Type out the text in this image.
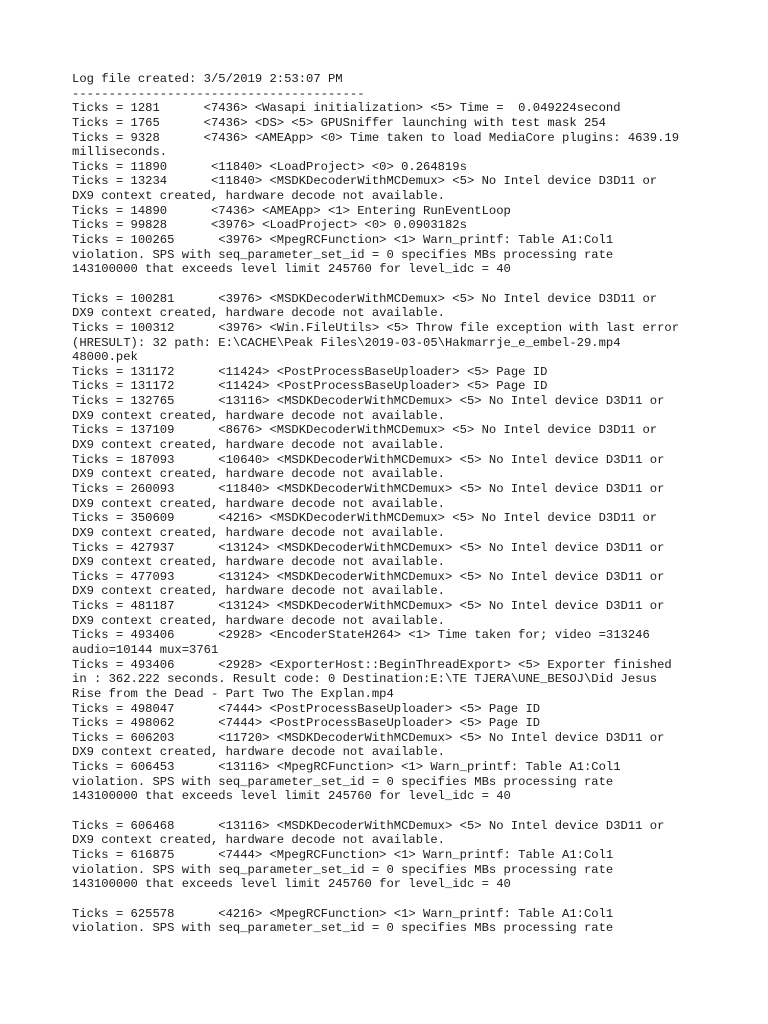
Log file created: 3/5/2019 2:53:07 PM
----------------------------------------
Ticks = 1281      <7436> <Wasapi initialization> <5> Time =  0.049224second
Ticks = 1765      <7436> <DS> <5> GPUSniffer launching with test mask 254
Ticks = 9328      <7436> <AMEApp> <0> Time taken to load MediaCore plugins: 4639.19
milliseconds.
Ticks = 11890      <11840> <LoadProject> <0> 0.264819s
Ticks = 13234      <11840> <MSDKDecoderWithMCDemux> <5> No Intel device D3D11 or
DX9 context created, hardware decode not available.
Ticks = 14890      <7436> <AMEApp> <1> Entering RunEventLoop
Ticks = 99828      <3976> <LoadProject> <0> 0.0903182s
Ticks = 100265      <3976> <MpegRCFunction> <1> Warn_printf: Table A1:Col1
violation. SPS with seq_parameter_set_id = 0 specifies MBs processing rate
143100000 that exceeds level limit 245760 for level_idc = 40
Ticks = 100281      <3976> <MSDKDecoderWithMCDemux> <5> No Intel device D3D11 or
DX9 context created, hardware decode not available.
Ticks = 100312      <3976> <Win.FileUtils> <5> Throw file exception with last error
(HRESULT): 32 path: E:\CACHE\Peak Files\2019-03-05\Hakmarrje_e_embel-29.mp4
48000.pek
Ticks = 131172      <11424> <PostProcessBaseUploader> <5> Page ID
Ticks = 131172      <11424> <PostProcessBaseUploader> <5> Page ID
Ticks = 132765      <13116> <MSDKDecoderWithMCDemux> <5> No Intel device D3D11 or
DX9 context created, hardware decode not available.
Ticks = 137109      <8676> <MSDKDecoderWithMCDemux> <5> No Intel device D3D11 or
DX9 context created, hardware decode not available.
Ticks = 187093      <10640> <MSDKDecoderWithMCDemux> <5> No Intel device D3D11 or
DX9 context created, hardware decode not available.
Ticks = 260093      <11840> <MSDKDecoderWithMCDemux> <5> No Intel device D3D11 or
DX9 context created, hardware decode not available.
Ticks = 350609      <4216> <MSDKDecoderWithMCDemux> <5> No Intel device D3D11 or
DX9 context created, hardware decode not available.
Ticks = 427937      <13124> <MSDKDecoderWithMCDemux> <5> No Intel device D3D11 or
DX9 context created, hardware decode not available.
Ticks = 477093      <13124> <MSDKDecoderWithMCDemux> <5> No Intel device D3D11 or
DX9 context created, hardware decode not available.
Ticks = 481187      <13124> <MSDKDecoderWithMCDemux> <5> No Intel device D3D11 or
DX9 context created, hardware decode not available.
Ticks = 493406      <2928> <EncoderStateH264> <1> Time taken for; video =313246
audio=10144 mux=3761
Ticks = 493406      <2928> <ExporterHost::BeginThreadExport> <5> Exporter finished
in : 362.222 seconds. Result code: 0 Destination:E:\TE TJERA\UNE_BESOJ\Did Jesus
Rise from the Dead - Part Two The Explan.mp4
Ticks = 498047      <7444> <PostProcessBaseUploader> <5> Page ID
Ticks = 498062      <7444> <PostProcessBaseUploader> <5> Page ID
Ticks = 606203      <11720> <MSDKDecoderWithMCDemux> <5> No Intel device D3D11 or
DX9 context created, hardware decode not available.
Ticks = 606453      <13116> <MpegRCFunction> <1> Warn_printf: Table A1:Col1
violation. SPS with seq_parameter_set_id = 0 specifies MBs processing rate
143100000 that exceeds level limit 245760 for level_idc = 40
Ticks = 606468      <13116> <MSDKDecoderWithMCDemux> <5> No Intel device D3D11 or
DX9 context created, hardware decode not available.
Ticks = 616875      <7444> <MpegRCFunction> <1> Warn_printf: Table A1:Col1
violation. SPS with seq_parameter_set_id = 0 specifies MBs processing rate
143100000 that exceeds level limit 245760 for level_idc = 40
Ticks = 625578      <4216> <MpegRCFunction> <1> Warn_printf: Table A1:Col1
violation. SPS with seq_parameter_set_id = 0 specifies MBs processing rate
